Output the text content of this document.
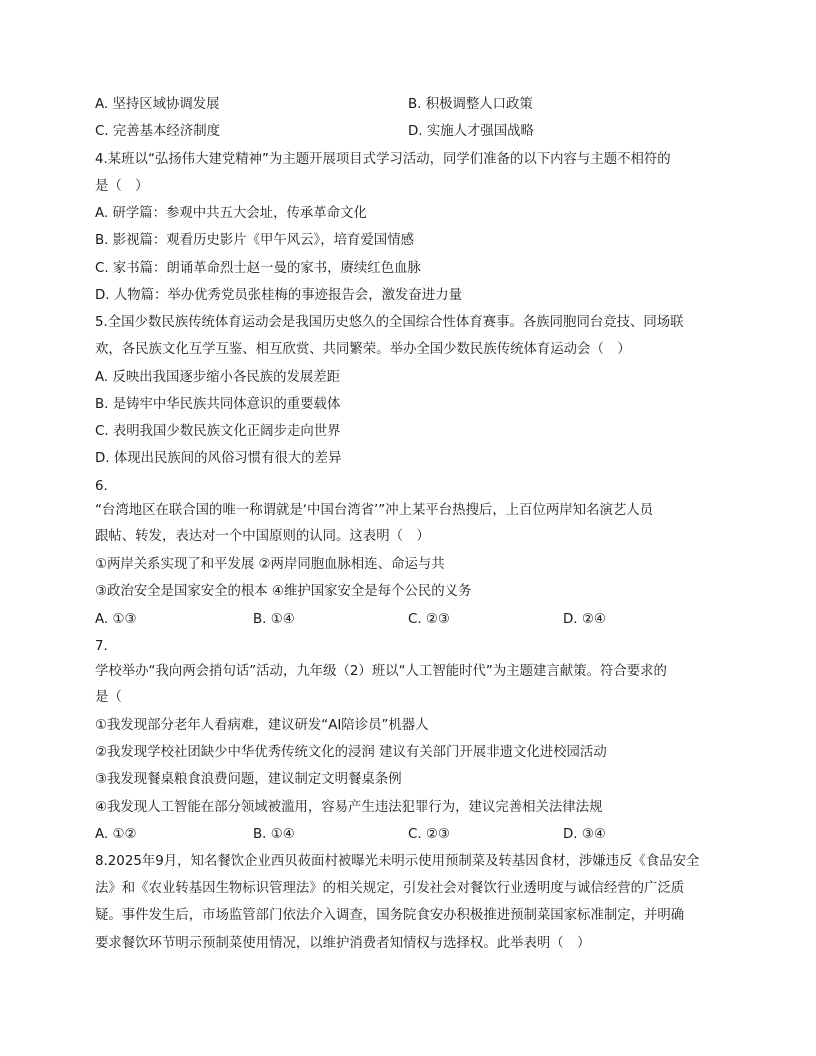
A. 坚持区域协调发展	B. 积极调整人口政策
C. 完善基本经济制度	D. 实施人才强国战略
4.某班以“弘扬伟大建党精神”为主题开展项目式学习活动，同学们准备的以下内容与主题不相符的
是（　）
A. 研学篇：参观中共五大会址，传承革命文化
B. 影视篇：观看历史影片《甲午风云》，培育爱国情感
C. 家书篇：朗诵革命烈士赵一曼的家书，赓续红色血脉
D. 人物篇：举办优秀党员张桂梅的事迹报告会，激发奋进力量
5.全国少数民族传统体育运动会是我国历史悠久的全国综合性体育赛事。各族同胞同台竞技、同场联
欢，各民族文化互学互鉴、相互欣赏、共同繁荣。举办全国少数民族传统体育运动会（　）
A. 反映出我国逐步缩小各民族的发展差距
B. 是铸牢中华民族共同体意识的重要载体
C. 表明我国少数民族文化正阔步走向世界
D. 体现出民族间的风俗习惯有很大的差异
6.
“台湾地区在联合国的唯一称谓就是‘中国台湾省’”冲上某平台热搜后，上百位两岸知名演艺人员
跟帖、转发，表达对一个中国原则的认同。这表明（　）
①两岸关系实现了和平发展 ②两岸同胞血脉相连、命运与共
③政治安全是国家安全的根本 ④维护国家安全是每个公民的义务
A. ①③	B. ①④	C. ②③	D. ②④
7.
学校举办“我向两会捎句话”活动，九年级（2）班以“人工智能时代”为主题建言献策。符合要求的
是（
①我发现部分老年人看病难，建议研发“AI陪诊员”机器人
②我发现学校社团缺少中华优秀传统文化的浸润 建议有关部门开展非遗文化进校园活动
③我发现餐桌粮食浪费问题，建议制定文明餐桌条例
④我发现人工智能在部分领域被滥用，容易产生违法犯罪行为，建议完善相关法律法规
A. ①②	B. ①④	C. ②③	D. ③④
8.2025年9月，知名餐饮企业西贝莜面村被曝光未明示使用预制菜及转基因食材，涉嫌违反《食品安全
法》和《农业转基因生物标识管理法》的相关规定，引发社会对餐饮行业透明度与诚信经营的广泛质
疑。事件发生后，市场监管部门依法介入调查，国务院食安办积极推进预制菜国家标准制定，并明确
要求餐饮环节明示预制菜使用情况，以维护消费者知情权与选择权。此举表明（　）
